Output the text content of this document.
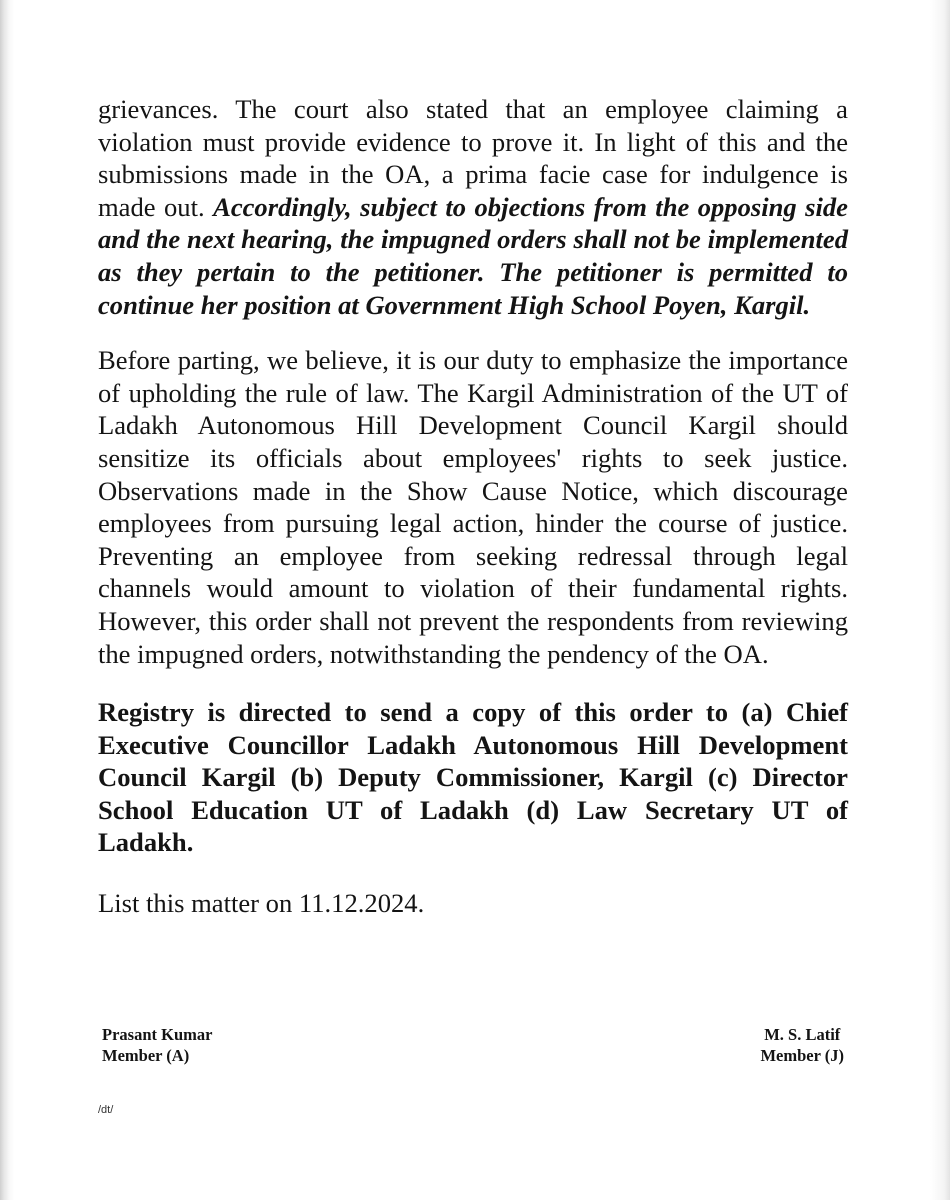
grievances. The court also stated that an employee claiming a violation must provide evidence to prove it. In light of this and the submissions made in the OA, a prima facie case for indulgence is made out. Accordingly, subject to objections from the opposing side and the next hearing, the impugned orders shall not be implemented as they pertain to the petitioner. The petitioner is permitted to continue her position at Government High School Poyen, Kargil.

Before parting, we believe, it is our duty to emphasize the importance of upholding the rule of law. The Kargil Administration of the UT of Ladakh Autonomous Hill Development Council Kargil should sensitize its officials about employees' rights to seek justice. Observations made in the Show Cause Notice, which discourage employees from pursuing legal action, hinder the course of justice. Preventing an employee from seeking redressal through legal channels would amount to violation of their fundamental rights. However, this order shall not prevent the respondents from reviewing the impugned orders, notwithstanding the pendency of the OA.

Registry is directed to send a copy of this order to (a) Chief Executive Councillor Ladakh Autonomous Hill Development Council Kargil (b) Deputy Commissioner, Kargil (c) Director School Education UT of Ladakh (d) Law Secretary UT of Ladakh.

List this matter on 11.12.2024.

Prasant Kumar
Member (A)
M. S. Latif
Member (J)
/dt/
